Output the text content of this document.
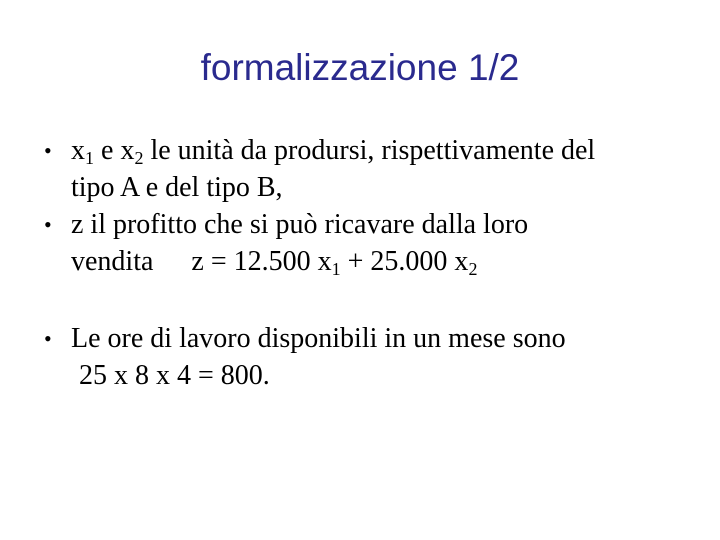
formalizzazione 1/2
• $x_1$ e $x_2$ le unità da prodursi, rispettivamente del
tipo A e del tipo B,
• z il profitto che si può ricavare dalla loro
vendita z = 12.500 $x_1 + 25.000$ $x_2$
• Le ore di lavoro disponibili in un mese sono
25 x 8 x 4 = 800.
